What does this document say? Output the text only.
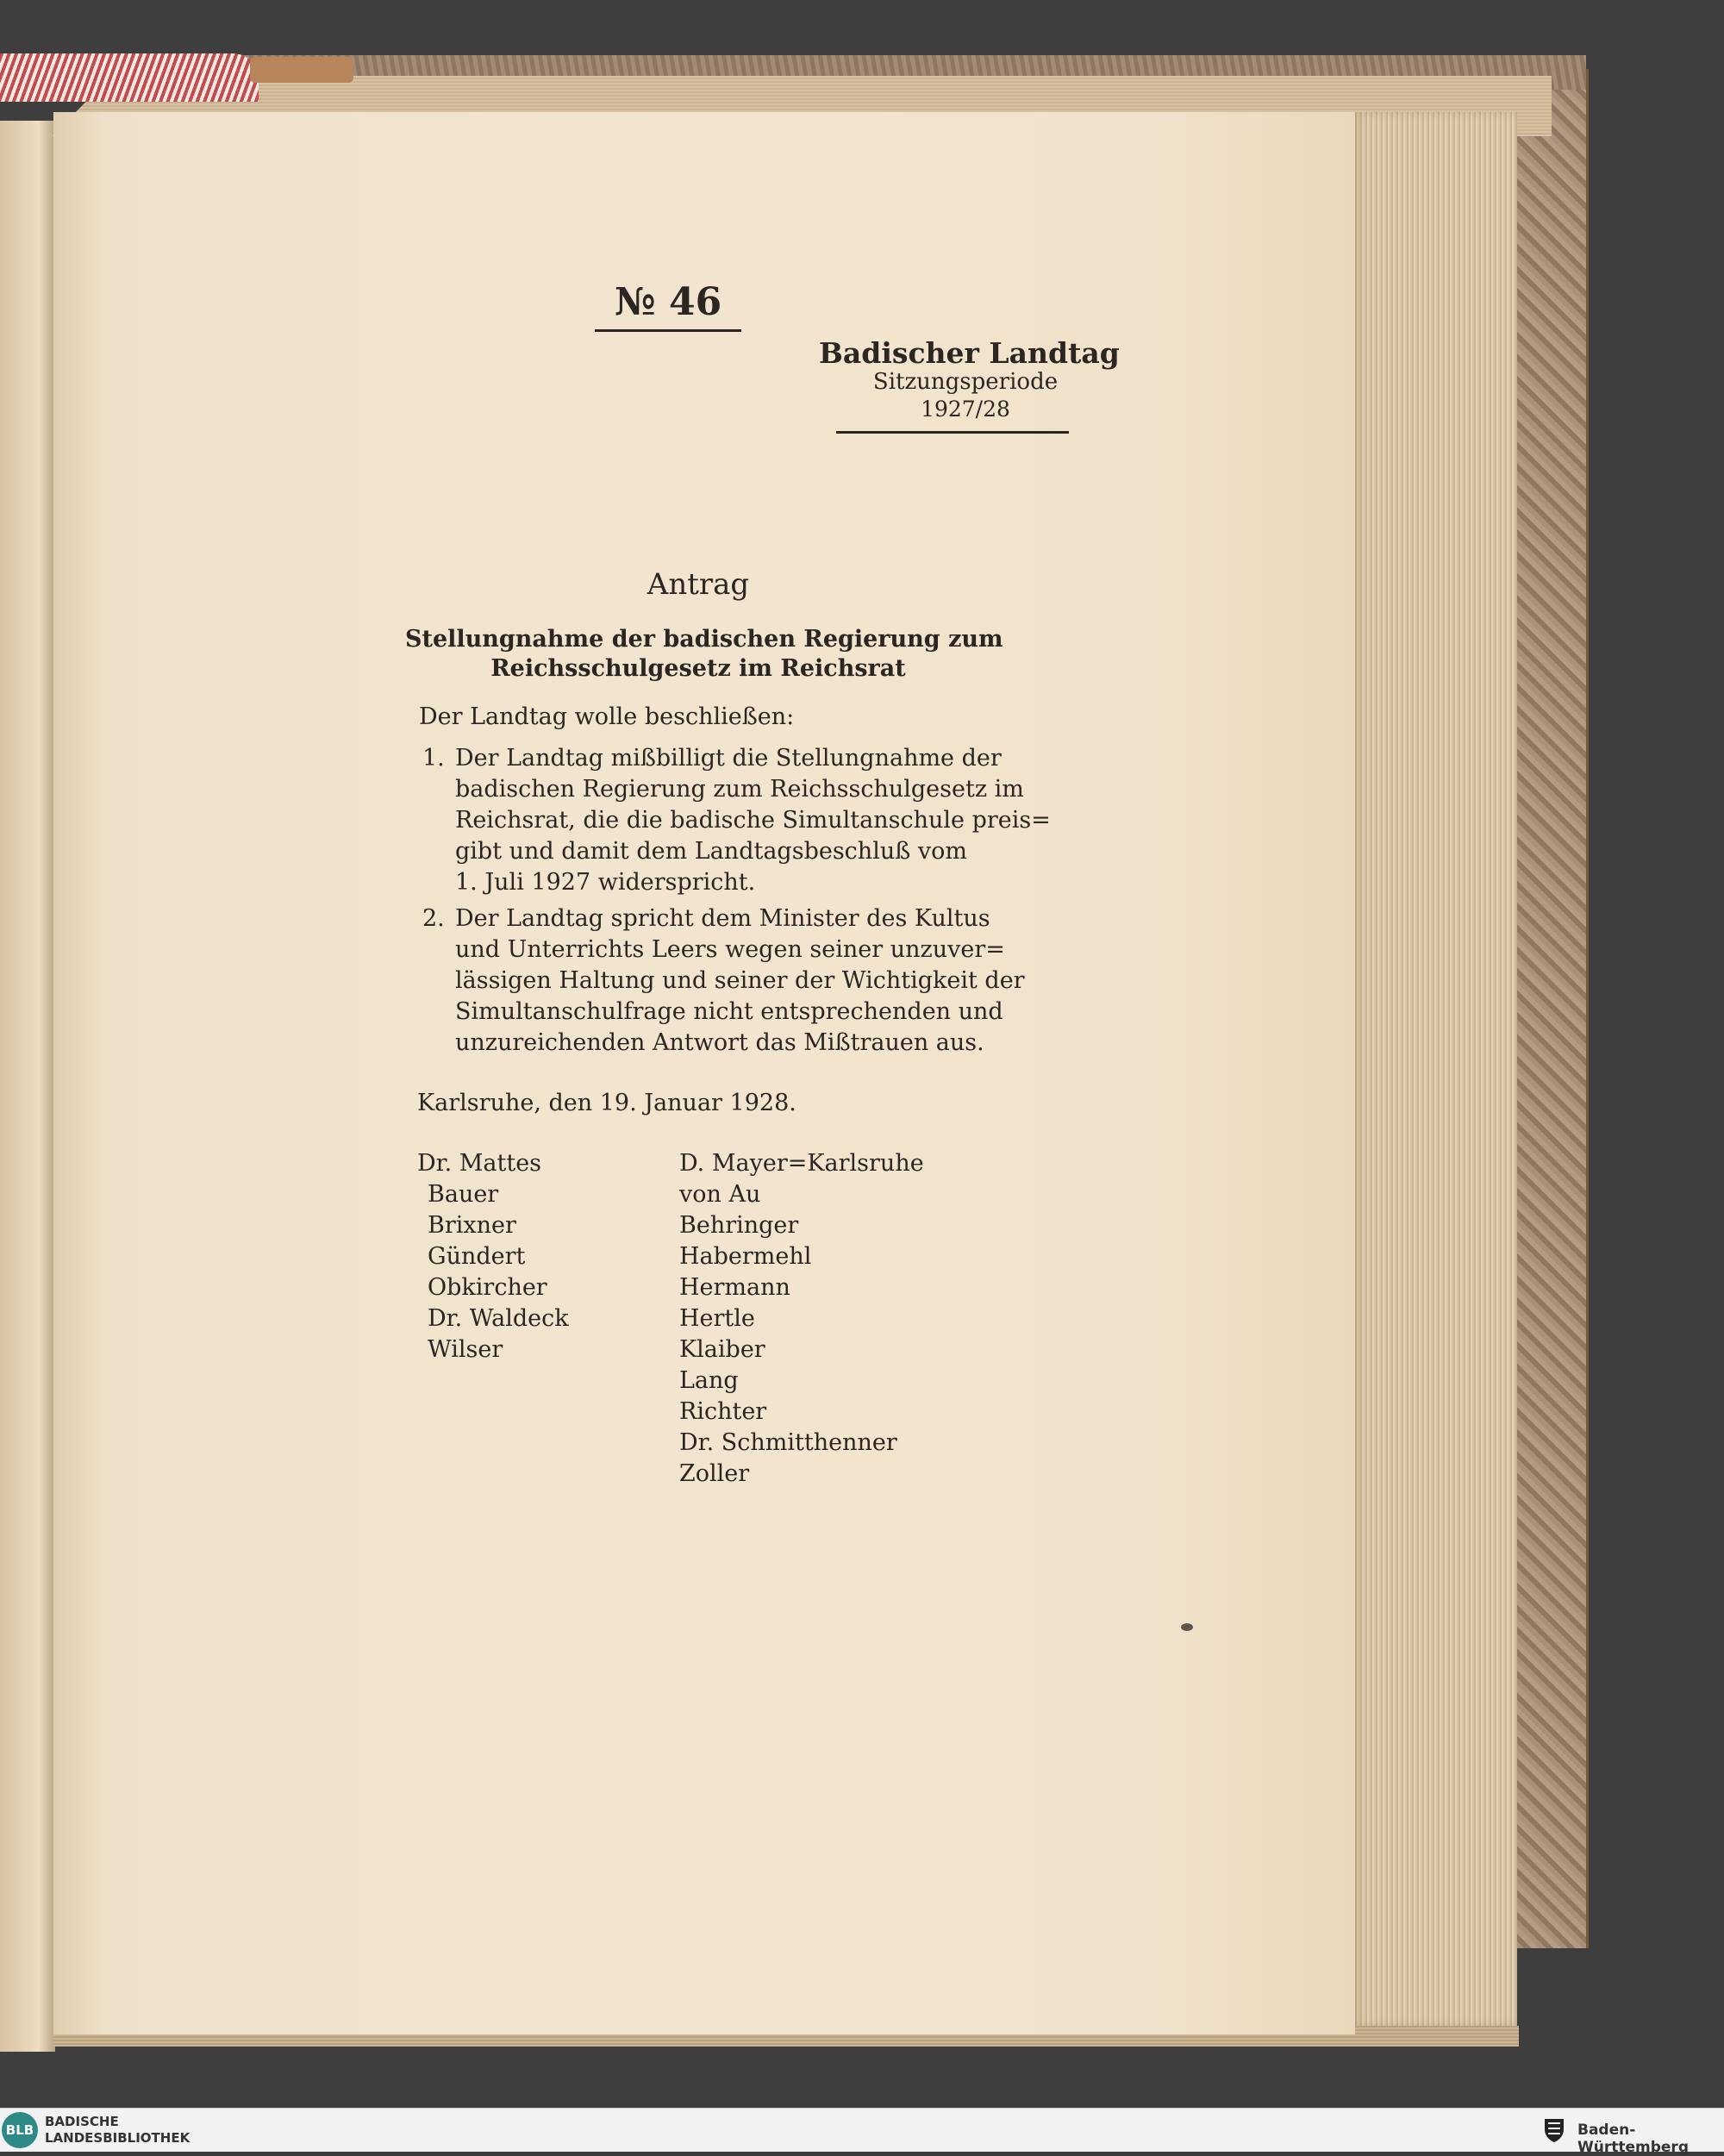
№ 46
Badischer Landtag
Sitzungsperiode
1927/28
Antrag
Stellungnahme der badischen Regierung zum
Reichsschulgesetz im Reichsrat
Der Landtag wolle beschließen:
1. Der Landtag mißbilligt die Stellungnahme der
badischen Regierung zum Reichsschulgesetz im
Reichsrat, die die badische Simultanschule preis=
gibt und damit dem Landtagsbeschluß vom
1. Juli 1927 widerspricht.
2. Der Landtag spricht dem Minister des Kultus
und Unterrichts Leers wegen seiner unzuver=
lässigen Haltung und seiner der Wichtigkeit der
Simultanschulfrage nicht entsprechenden und
unzureichenden Antwort das Mißtrauen aus.
Karlsruhe, den 19. Januar 1928.
Dr. Mattes
Bauer
Brixner
Gündert
Obkircher
Dr. Waldeck
Wilser
D. Mayer=Karlsruhe
von Au
Behringer
Habermehl
Hermann
Hertle
Klaiber
Lang
Richter
Dr. Schmitthenner
Zoller
BLB
BADISCHE
LANDESBIBLIOTHEK	Baden-Württemberg
